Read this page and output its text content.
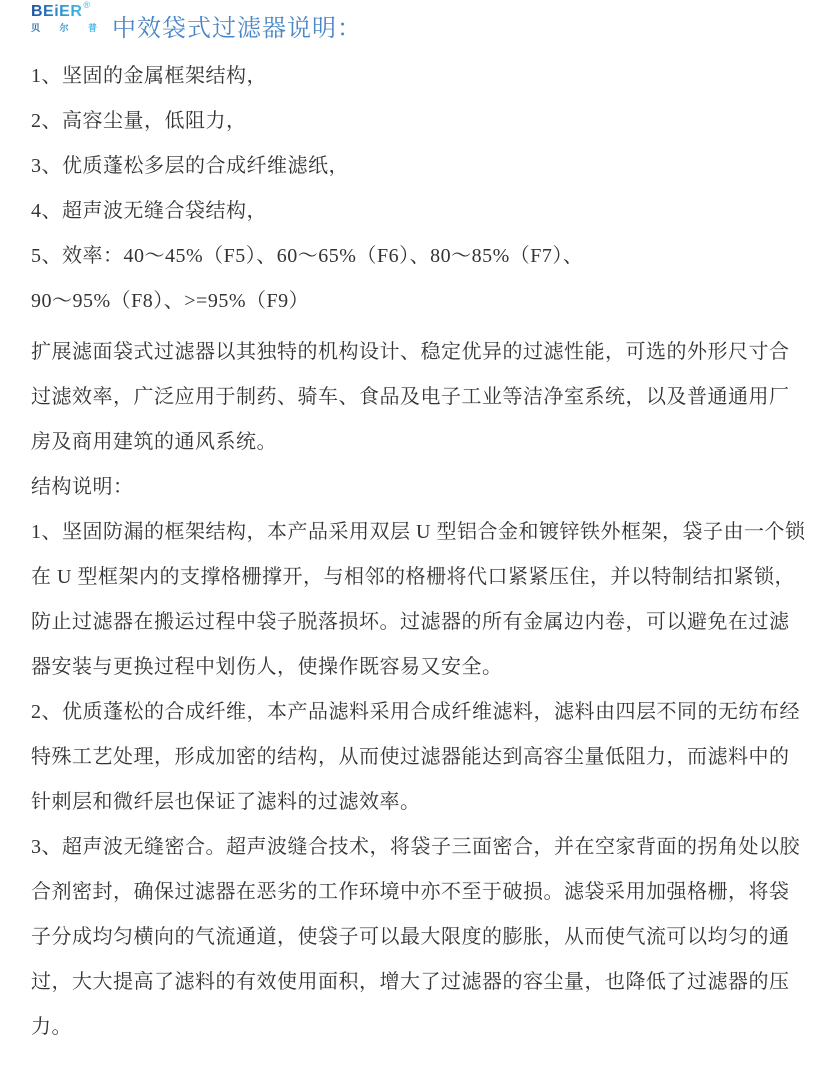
BEiER ®
贝 尔 普 中效袋式过滤器说明：
1、坚固的金属框架结构，
2、高容尘量，低阻力，
3、优质蓬松多层的合成纤维滤纸，
4、超声波无缝合袋结构，
5、效率：40～45%（F5）、60～65%（F6）、80～85%（F7）、
90～95%（F8）、>=95%（F9）
扩展滤面袋式过滤器以其独特的机构设计、稳定优异的过滤性能，可选的外形尺寸合
过滤效率，广泛应用于制药、骑车、食品及电子工业等洁净室系统，以及普通通用厂
房及商用建筑的通风系统。
结构说明：
1、坚固防漏的框架结构，本产品采用双层 U 型铝合金和镀锌铁外框架，袋子由一个锁
在 U 型框架内的支撑格栅撑开，与相邻的格栅将代口紧紧压住，并以特制结扣紧锁，
防止过滤器在搬运过程中袋子脱落损坏。过滤器的所有金属边内卷，可以避免在过滤
器安装与更换过程中划伤人，使操作既容易又安全。
2、优质蓬松的合成纤维，本产品滤料采用合成纤维滤料，滤料由四层不同的无纺布经
特殊工艺处理，形成加密的结构，从而使过滤器能达到高容尘量低阻力，而滤料中的
针刺层和微纤层也保证了滤料的过滤效率。
3、超声波无缝密合。超声波缝合技术，将袋子三面密合，并在空家背面的拐角处以胶
合剂密封，确保过滤器在恶劣的工作环境中亦不至于破损。滤袋采用加强格栅，将袋
子分成均匀横向的气流通道，使袋子可以最大限度的膨胀，从而使气流可以均匀的通
过，大大提高了滤料的有效使用面积，增大了过滤器的容尘量，也降低了过滤器的压
力。
